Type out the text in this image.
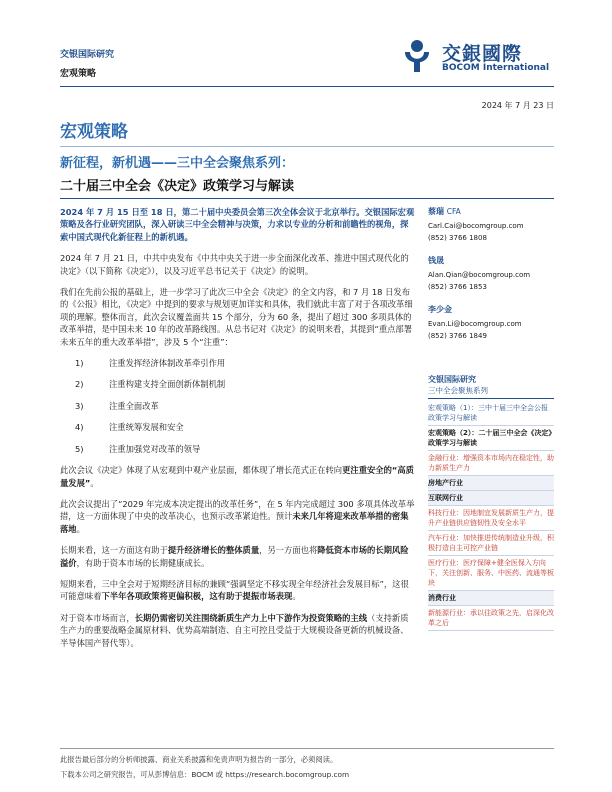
交银国际研究
宏观策略
交銀國際
BOCOM International
2024 年 7 月 23 日
宏观策略
新征程，新机遇——三中全会聚焦系列：
二十届三中全会《决定》政策学习与解读

2024 年 7 月 15 日至 18 日，第二十届中央委员会第三次全体会议于北京举行。交银国际宏观策略及各行业研究团队，深入研读三中全会精神与决策，力求以专业的分析和前瞻性的视角，探索中国式现代化新征程上的新机遇。

2024 年 7 月 21 日，中共中央发布《中共中央关于进一步全面深化改革、推进中国式现代化的决定》（以下简称《决定》），以及习近平总书记关于《决定》的说明。

我们在先前公报的基础上，进一步学习了此次三中全会《决定》的全文内容，和 7 月 18 日发布的《公报》相比，《决定》中提到的要求与规划更加详实和具体，我们就此丰富了对于各项改革细项的理解。整体而言，此次会议覆盖面共 15 个部分，分为 60 条，提出了超过 300 多项具体的改革举措，是中国未来 10 年的改革路线图。从总书记对《决定》的说明来看，其提到“重点部署未来五年的重大改革举措”，涉及 5 个“注重”：

1)	注重发挥经济体制改革牵引作用
2)	注重构建支持全面创新体制机制
3)	注重全面改革
4)	注重统筹发展和安全
5)	注重加强党对改革的领导

此次会议《决定》体现了从宏观到中观产业层面，都体现了增长范式正在转向更注重安全的“高质量发展”。

此次会议提出了“2029 年完成本决定提出的改革任务”，在 5 年内完成超过 300 多项具体改革举措，这一方面体现了中央的改革决心，也预示改革紧迫性。预计未来几年将迎来改革举措的密集落地。

长期来看，这一方面这有助于提升经济增长的整体质量，另一方面也将降低资本市场的长期风险溢价，有助于资本市场的长期健康成长。

短期来看，三中全会对于短期经济目标的兼顾“强调坚定不移实现全年经济社会发展目标”，这很可能意味着下半年各项政策将更偏积极，这有助于提振市场表现。

对于资本市场而言，长期仍需密切关注围绕新质生产力上中下游作为投资策略的主线（支持新质生产力的重要战略金属原材料、优势高端制造、自主可控且受益于大规模设备更新的机械设备、半导体国产替代等）。

蔡瑞 CFA
Carl.Cai@bocomgroup.com
(852) 3766 1808
钱晟
Alan.Qian@bocomgroup.com
(852) 3766 1853
李少金
Evan.Li@bocomgroup.com
(852) 3766 1849
交银国际研究
三中全会聚焦系列
宏观策略（1）：三中十届三中全会公报政策学习与解读
宏观策略（2）：二十届三中全会《决定》政策学习与解读
金融行业：增强资本市场内在稳定性，助力新质生产力
房地产行业
互联网行业
科技行业：因地制宜发展新质生产力，提升产业链供应链韧性及安全水平
汽车行业：加快推进传统制造业升级，积极打造自主可控产业链
医疗行业：医疗保障+健全医保入方向下，关注创新、服务、中医药、流通等板块
消费行业
新能源行业：承以往政策之先，启深化改革之后
此报告最后部分的分析师披露、商业关系披露和免责声明为报告的一部分，必须阅读。
下载本公司之研究报告，可从彭博信息：BOCM 或 https://research.bocomgroup.com
